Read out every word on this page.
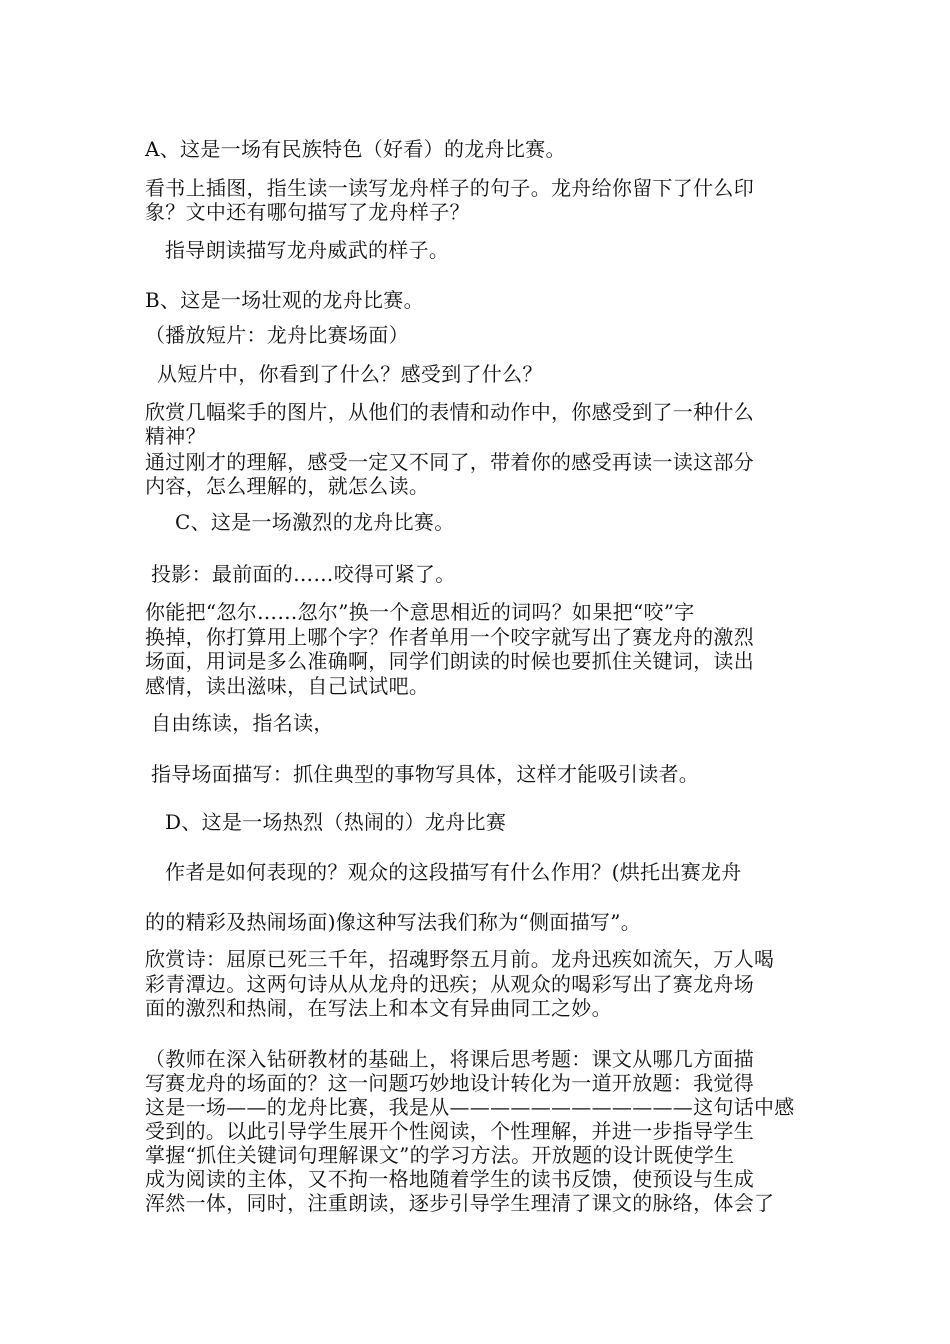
A、这是一场有民族特色（好看）的龙舟比赛。
看书上插图，指生读一读写龙舟样子的句子。龙舟给你留下了什么印
象？文中还有哪句描写了龙舟样子？
指导朗读描写龙舟威武的样子。
B、这是一场壮观的龙舟比赛。
（播放短片：龙舟比赛场面）
从短片中，你看到了什么？感受到了什么？
欣赏几幅桨手的图片，从他们的表情和动作中，你感受到了一种什么
精神？
通过刚才的理解，感受一定又不同了，带着你的感受再读一读这部分
内容，怎么理解的，就怎么读。
C、这是一场激烈的龙舟比赛。
投影：最前面的……咬得可紧了。
你能把“忽尔……忽尔”换一个意思相近的词吗？如果把“咬”字
换掉，你打算用上哪个字？作者单用一个咬字就写出了赛龙舟的激烈
场面，用词是多么准确啊，同学们朗读的时候也要抓住关键词，读出
感情，读出滋味，自己试试吧。
自由练读，指名读，
指导场面描写：抓住典型的事物写具体，这样才能吸引读者。
D、这是一场热烈（热闹的）龙舟比赛
作者是如何表现的？观众的这段描写有什么作用？(烘托出赛龙舟
的的精彩及热闹场面)像这种写法我们称为“侧面描写”。
欣赏诗：屈原已死三千年，招魂野祭五月前。龙舟迅疾如流矢，万人喝
彩青潭边。这两句诗从从龙舟的迅疾；从观众的喝彩写出了赛龙舟场
面的激烈和热闹，在写法上和本文有异曲同工之妙。
（教师在深入钻研教材的基础上，将课后思考题：课文从哪几方面描
写赛龙舟的场面的？这一问题巧妙地设计转化为一道开放题：我觉得
这是一场——的龙舟比赛，我是从————————————这句话中感
受到的。以此引导学生展开个性阅读，个性理解，并进一步指导学生
掌握“抓住关键词句理解课文”的学习方法。开放题的设计既使学生
成为阅读的主体，又不拘一格地随着学生的读书反馈，使预设与生成
浑然一体，同时，注重朗读，逐步引导学生理清了课文的脉络，体会了
